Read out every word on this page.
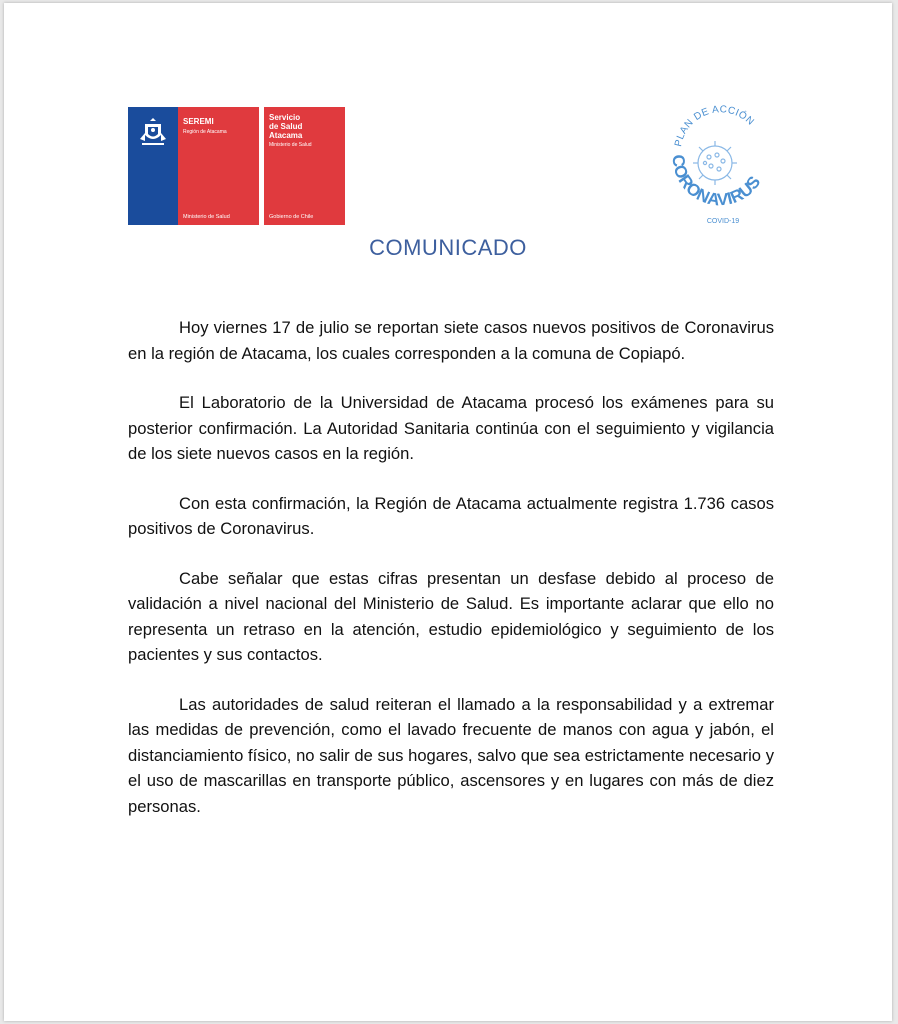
SEREMI
Región de Atacama
Ministerio de Salud
Servicio
de Salud
Atacama
Ministerio de Salud
Gobierno de Chile
PLAN DE ACCIÓN
CORONAVIRUS
COVID-19
COMUNICADO

Hoy viernes 17 de julio se reportan siete casos nuevos positivos de Coronavirus en la región de Atacama, los cuales corresponden a la comuna de Copiapó.

El Laboratorio de la Universidad de Atacama procesó los exámenes para su posterior confirmación. La Autoridad Sanitaria continúa con el seguimiento y vigilancia de los siete nuevos casos en la región.

Con esta confirmación, la Región de Atacama actualmente registra 1.736 casos positivos de Coronavirus.

Cabe señalar que estas cifras presentan un desfase debido al proceso de validación a nivel nacional del Ministerio de Salud. Es importante aclarar que ello no representa un retraso en la atención, estudio epidemiológico y seguimiento de los pacientes y sus contactos.

Las autoridades de salud reiteran el llamado a la responsabilidad y a extremar las medidas de prevención, como el lavado frecuente de manos con agua y jabón, el distanciamiento físico, no salir de sus hogares, salvo que sea estrictamente necesario y el uso de mascarillas en transporte público, ascensores y en lugares con más de diez personas.
